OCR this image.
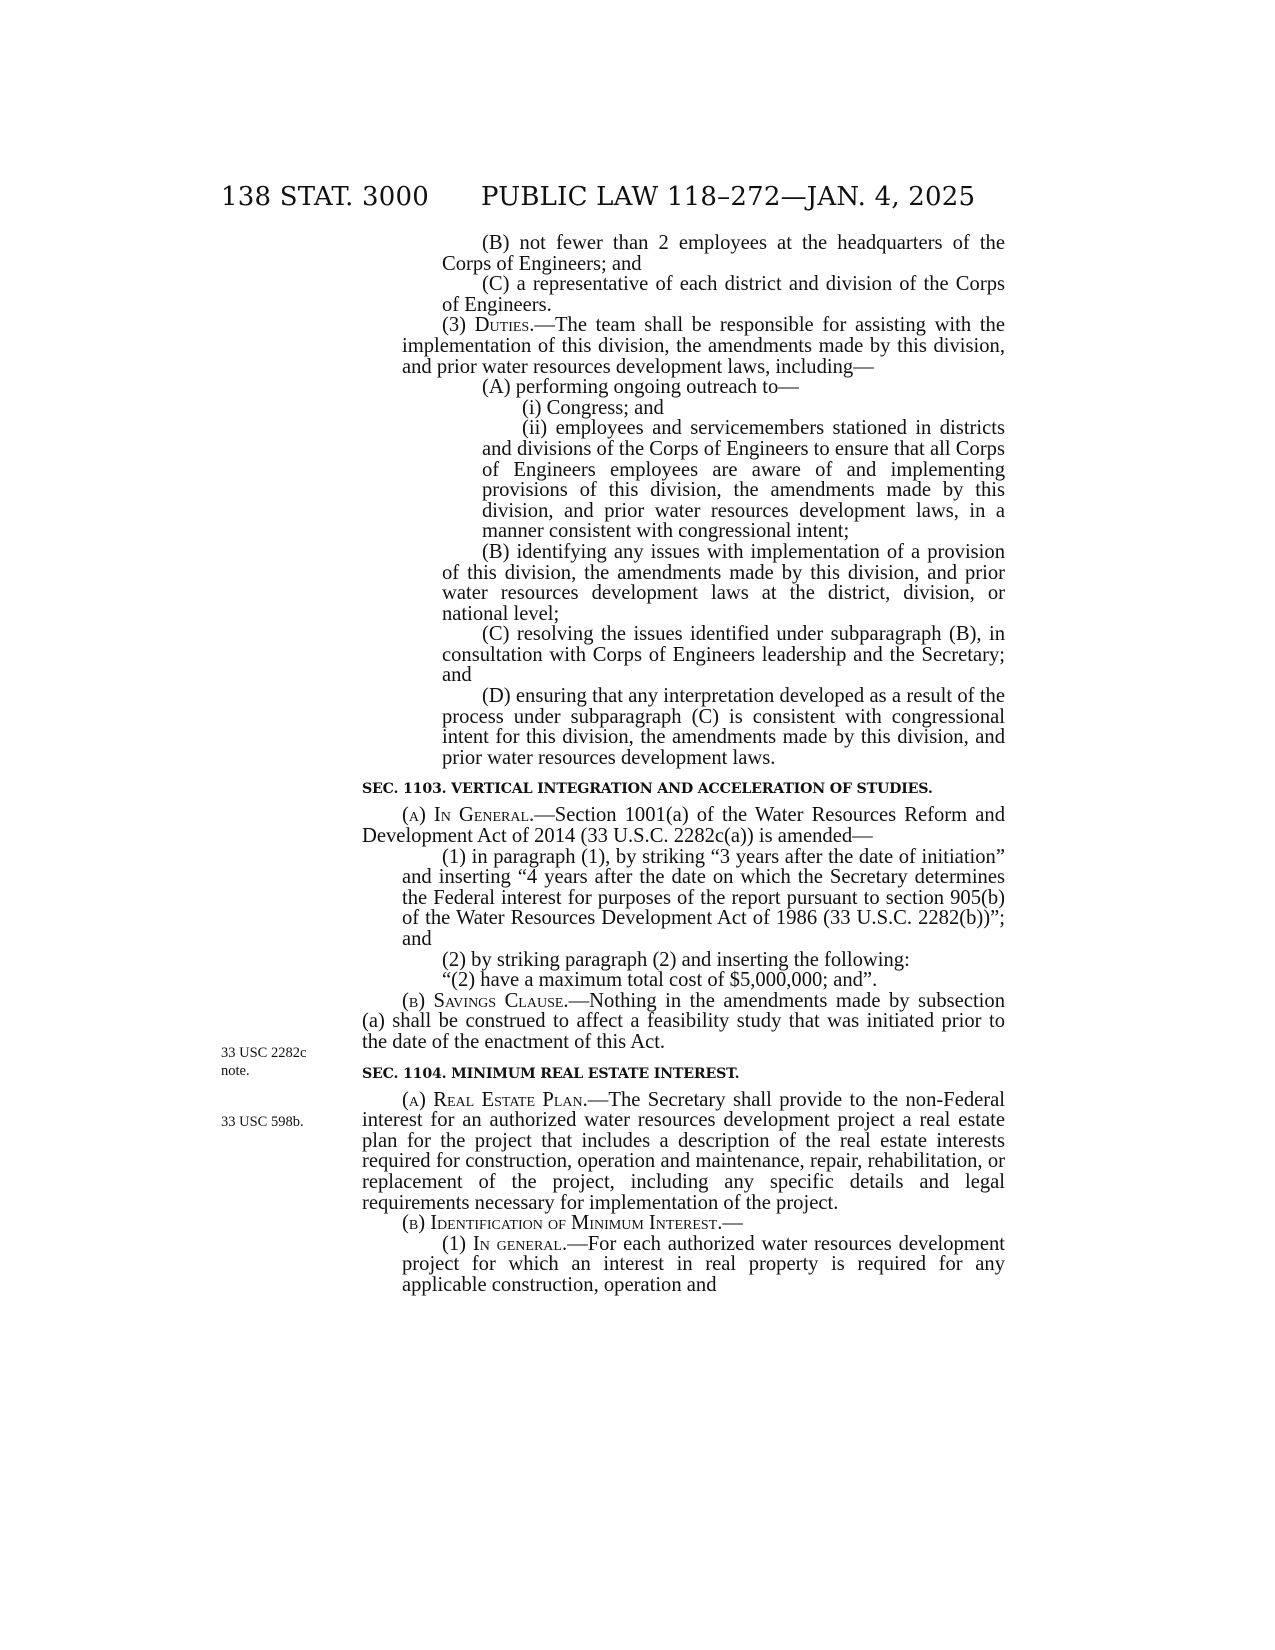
138 STAT. 3000 PUBLIC LAW 118–272—JAN. 4, 2025
33 USC 2282c
note.
33 USC 598b.

(B) not fewer than 2 employees at the headquarters of the Corps of Engineers; and

(C) a representative of each district and division of the Corps of Engineers.

(3) Duties.—The team shall be responsible for assisting with the implementation of this division, the amendments made by this division, and prior water resources development laws, including—

(A) performing ongoing outreach to—

(i) Congress; and

(ii) employees and servicemembers stationed in districts and divisions of the Corps of Engineers to ensure that all Corps of Engineers employees are aware of and implementing provisions of this division, the amendments made by this division, and prior water resources development laws, in a manner consistent with congressional intent;

(B) identifying any issues with implementation of a provision of this division, the amendments made by this division, and prior water resources development laws at the district, division, or national level;

(C) resolving the issues identified under subparagraph (B), in consultation with Corps of Engineers leadership and the Secretary; and

(D) ensuring that any interpretation developed as a result of the process under subparagraph (C) is consistent with congressional intent for this division, the amendments made by this division, and prior water resources development laws.

SEC. 1103. VERTICAL INTEGRATION AND ACCELERATION OF STUDIES.

(a) In General.—Section 1001(a) of the Water Resources Reform and Development Act of 2014 (33 U.S.C. 2282c(a)) is amended—

(1) in paragraph (1), by striking “3 years after the date of initiation” and inserting “4 years after the date on which the Secretary determines the Federal interest for purposes of the report pursuant to section 905(b) of the Water Resources Development Act of 1986 (33 U.S.C. 2282(b))”; and

(2) by striking paragraph (2) and inserting the following:

“(2) have a maximum total cost of $5,000,000; and”.

(b) Savings Clause.—Nothing in the amendments made by subsection (a) shall be construed to affect a feasibility study that was initiated prior to the date of the enactment of this Act.

SEC. 1104. MINIMUM REAL ESTATE INTEREST.

(a) Real Estate Plan.—The Secretary shall provide to the non-Federal interest for an authorized water resources development project a real estate plan for the project that includes a description of the real estate interests required for construction, operation and maintenance, repair, rehabilitation, or replacement of the project, including any specific details and legal requirements necessary for implementation of the project.

(b) Identification of Minimum Interest.—

(1) In general.—For each authorized water resources development project for which an interest in real property is required for any applicable construction, operation and
